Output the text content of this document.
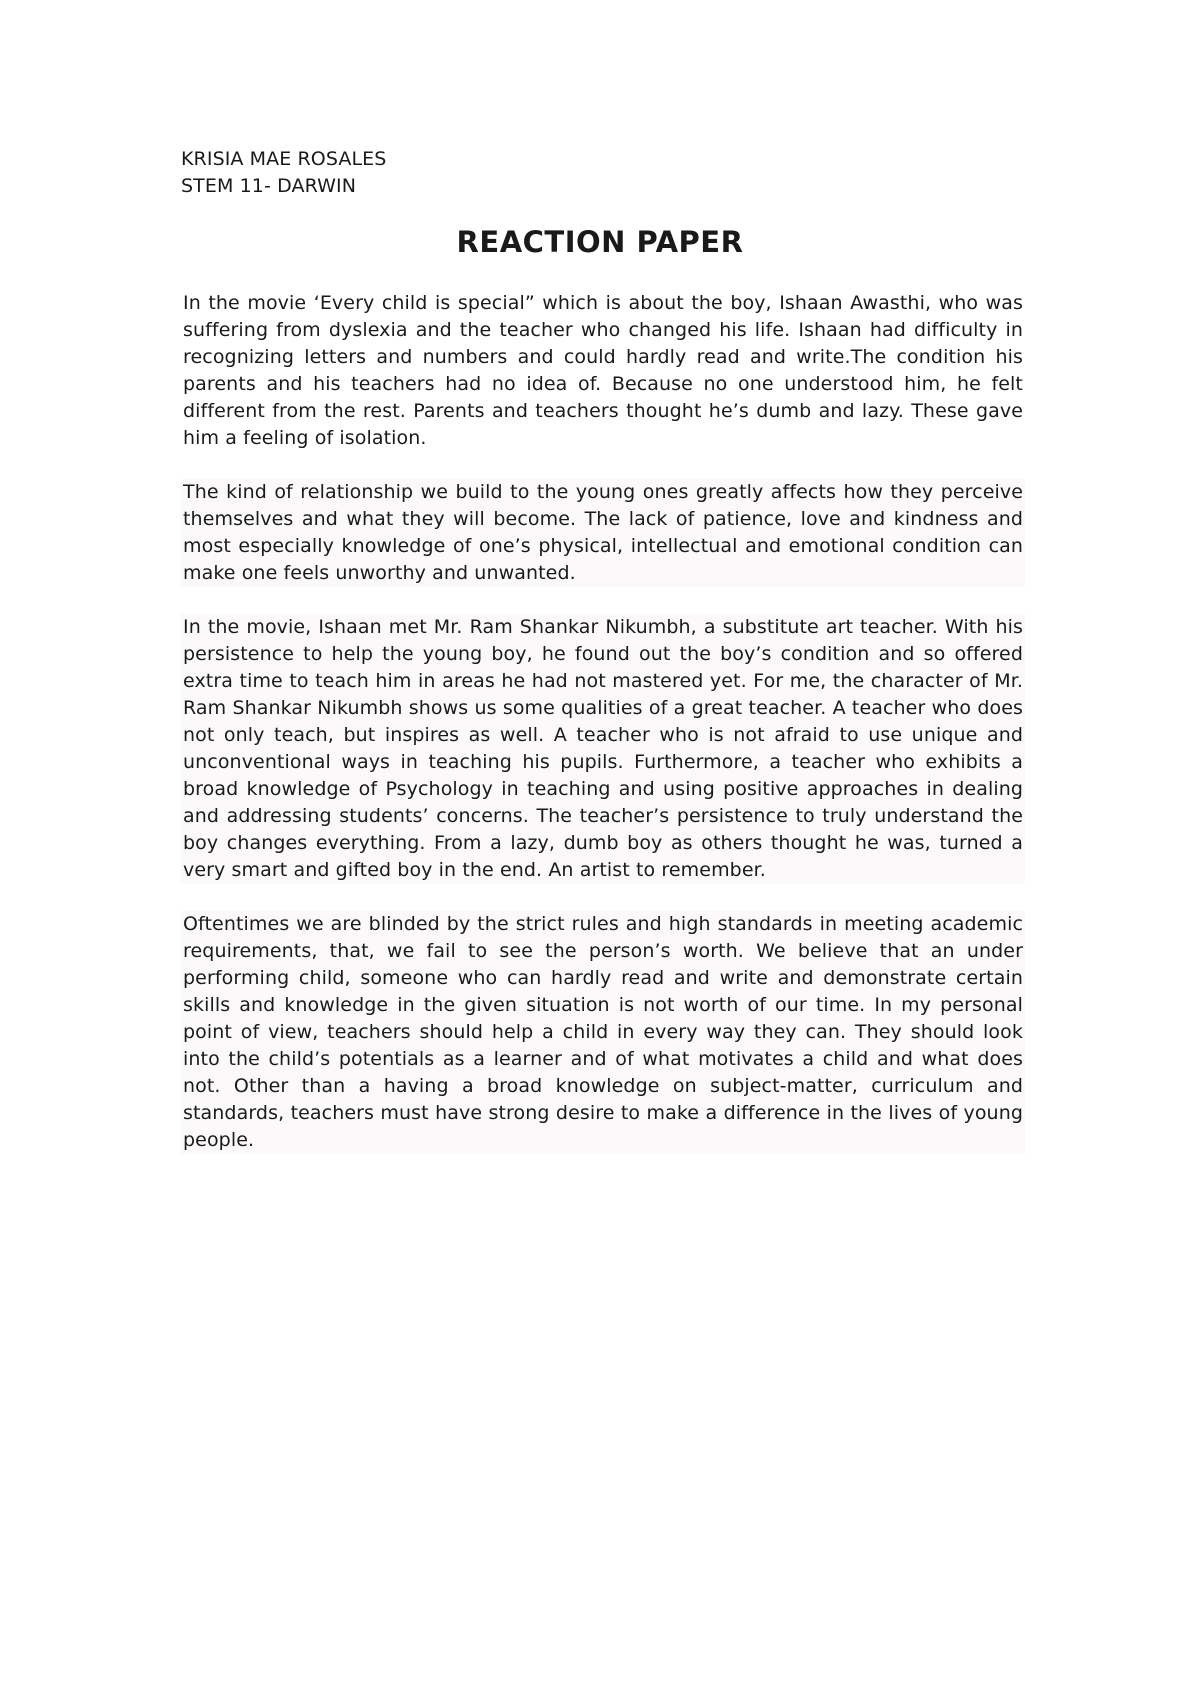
KRISIA MAE ROSALES
STEM 11- DARWIN
REACTION PAPER

In the movie ‘Every child is special” which is about the boy, Ishaan Awasthi, who was suffering from dyslexia and the teacher who changed his life. Ishaan had difficulty in recognizing letters and numbers and could hardly read and write.The condition his parents and his teachers had no idea of. Because no one understood him, he felt different from the rest. Parents and teachers thought he’s dumb and lazy. These gave him a feeling of isolation.

The kind of relationship we build to the young ones greatly affects how they perceive themselves and what they will become. The lack of patience, love and kindness and most especially knowledge of one’s physical, intellectual and emotional condition can make one feels unworthy and unwanted.

In the movie, Ishaan met Mr. Ram Shankar Nikumbh, a substitute art teacher. With his persistence to help the young boy, he found out the boy’s condition and so offered extra time to teach him in areas he had not mastered yet. For me, the character of Mr. Ram Shankar Nikumbh shows us some qualities of a great teacher. A teacher who does not only teach, but inspires as well. A teacher who is not afraid to use unique and unconventional ways in teaching his pupils. Furthermore, a teacher who exhibits a broad knowledge of Psychology in teaching and using positive approaches in dealing and addressing students’ concerns. The teacher’s persistence to truly understand the boy changes everything. From a lazy, dumb boy as others thought he was, turned a very smart and gifted boy in the end. An artist to remember.

Oftentimes we are blinded by the strict rules and high standards in meeting academic requirements, that, we fail to see the person’s worth. We believe that an under performing child, someone who can hardly read and write and demonstrate certain skills and knowledge in the given situation is not worth of our time. In my personal point of view, teachers should help a child in every way they can. They should look into the child’s potentials as a learner and of what motivates a child and what does not. Other than a having a broad knowledge on subject-matter, curriculum and standards, teachers must have strong desire to make a difference in the lives of young people.
